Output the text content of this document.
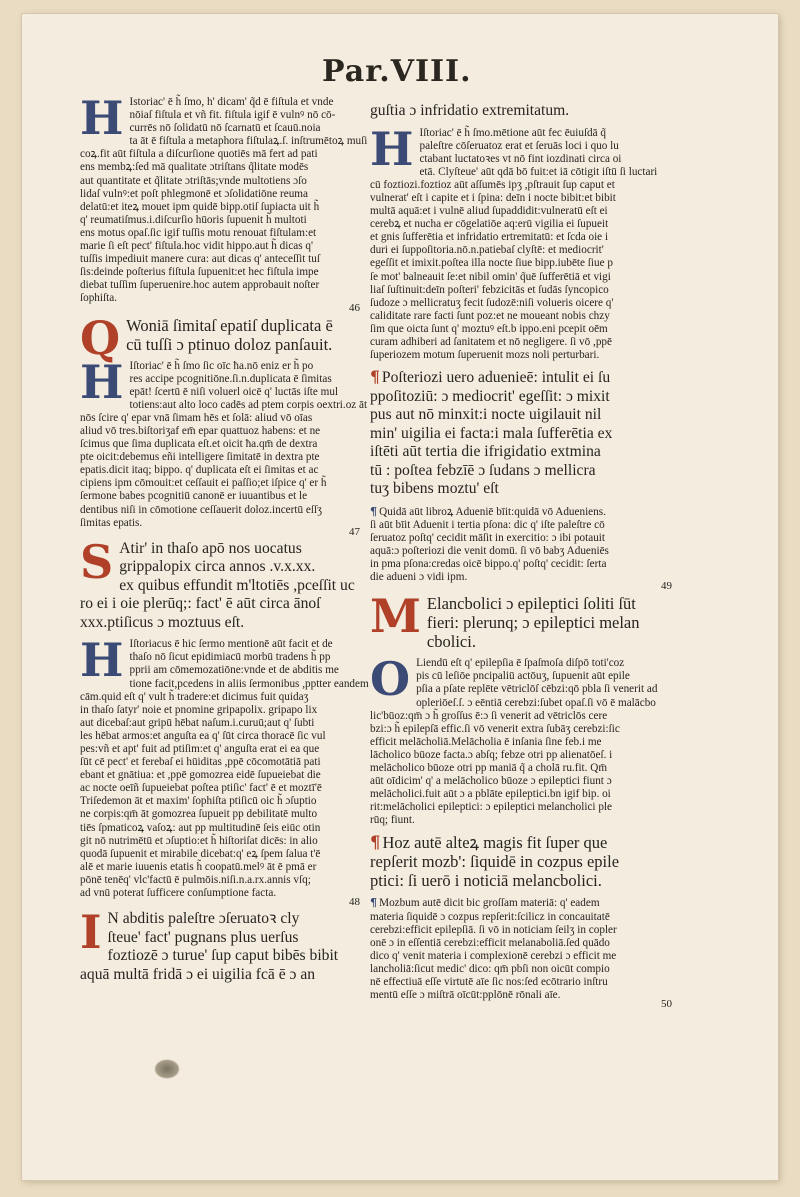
Par.VIII.
H Istoriac' ē h̃ ſmo, h' dicam' q̃d ē fiſtula et vnde
nōiaſ fiſtula et vñ fit. fiſtula igif ē vulnꝰ nō cō-
currēs nō ſolidatū nō ſcarnatū et ſcauū.noia
ta āt ē fiſtula a metaphora fiſtulaꝝ.ſ. inſtrumētoꝝ muſi
coꝝ.fit aūt fiſtula a diſcurſione quotiēs mā fert ad pati
ens membꝝ:ſed mā qualitate ɔtriſtans q̃litate modēs
aut quantitate et q̃litate ɔtriſtās;vnde multotiens ɔſo
lidaſ vulnꝰ:et poſt phlegmonē et ɔſolidatiōne reuma
delatū:et iteꝝ mouet ipm quidē bipp.otiſ ſupiacta uit h̃
q' reumatiſmus.i.diſcurſio hūoris ſupuenit h̃ multoti
ens motus opaſ.ſic igif tuſſis motu renouat fiſtulam:et
marie ſi eſt pect' fiſtula.hoc vidit hippo.aut h̃ dicas q'
tuſſis impediuit manere cura: aut dicas q' anteceſſit tuſ
ſis:deinde poſterius fiſtula ſupuenit:et hec fiſtula impe
diebat tuſſim ſuperuenire.hoc autem approbauit noſter
ſophiſta.
46
Q Woniā ſimitaſ epatiſ duplicata ē
cū tuſſi ɔ ptinuo doloz panſauit.
H Iſtoriac' ē h̃ ſmo ſic oīc ħa.nō eniz er h̃ po
res accipe pcognitiōne.ſi.n.duplicata ē ſimitas
epāt! ſcertū ē niſi voluerl oicē q' luctās iſte mul
totiens:aut alto loco cadēs ad ptem corpis oextri.oz āt
nōs ſcire q' epar vnā ſimam hēs et ſolā: aliud vō oīas
aliud vō tres.biſtoriʒaf em̄ epar quattuoz habens: et ne
ſcimus que ſima duplicata eſt.et oicit ħa.qm̄ de dextra
pte oicit:debemus eñi intelligere ſimitatē in dextra pte
epatis.dicit itaq; bippo. q' duplicata eſt ei ſimitas et ac
cipiens ipm cōmouit:et ceſſauit ei paſſio;et iſpice q' er h̃
ſermone babes pcognitiū canonē er iuuantibus et le
dentibus niſi in cōmotione ceſſauerit doloz.incertū eſſʒ
ſimitas epatis.
47
S Atir' in thaſo apō nos uocatus
grippalopix circa annos .v.x.xx.
ex quibus effundit m'ltotiēs ,pceſſit uc
ro ei i oie plerūq;: fact' ē aūt circa ānoſ
xxx.ptiſicus ɔ moztuus eſt.
H Iſtoriacus ē hic ſermo mentionē aūt facit et de
thaſo nō ſicut epidimiacū morbū tradens h̃ pp
pprii am cōmemozatiōne:vnde et de abditis me
tione facit,pcedens in aliis ſermonibus ,pptter eandem
cām.quid eſt q' vult h̃ tradere:et dicimus fuit quidaʒ
in thaſo ſatyr' noie et pnomine gripapolix. gripapo lix
aut dicebaſ:aut gripū hēbat naſum.i.curuū;aut q' ſubti
les hēbat armos:et anguſta ea q' ſūt circa thoracē ſic vul
pes:vñ et apt' fuit ad ptiſim:et q' anguſta erat ei ea que
ſūt cē pect' et ferebaſ ei hūiditas ,ppē cōcomotātiā pati
ebant et gnātiua: et ,ppē gomozrea eidē ſupueiebat die
ac nocte oeīñ ſupueiebat poſtea ptiſic' fact' ē et moztī'ē
Triſedemon āt et maxim' ſophiſta ptiſicū oic h̃ ɔſuptio
ne corpis:qm̄ āt gomozrea ſupueit pp debilitatē multo
tiēs ſpmaticoꝝ vaſoꝝ: aut pp multitudinē ſeis eiūc otin
git nō nutrimētū et ɔſuptio:et h̃ hiſtoriſat dicēs: in alio
quodā ſupuenit et mirabile dicebat:q' eꝝ ſpem ſalua t'ē
alē et marie iuuenis etatis h̃ coopatū.melꝰ āt ē pmā er
pōnē tenēq' vlc'factū ē pulmōis.niſi.n.a.rx.annis vſq;
ad vnū poterat ſufficere conſumptione facta.
48
I N abditis paleſtre ɔſeruatoꝛ cly
ſteue' fact' pugnans plus uerſus
foztiozē ɔ turue' ſup caput bibēs bibit
aquā multā fridā ɔ ei uigilia fcā ē ɔ an
guſtia ɔ infridatio extremitatum.
H Iſtoriac' ē h̃ ſmo.mētione aūt fec ēuiuſdā q̃
paleſtre cōſeruatoz erat et ſeruās loci i quo lu
ctabant luctatoꝛes vt nō fint iozdinati circa oi
etā. Clyſteue' aūt qdā bō fuit:et iā cōtigit iſtū ſi luctari
cū foztiozi.foztioz aūt aſſumēs ipʒ ,pſtrauit ſup caput et
vulnerat' eſt i capite et i ſpina: deīn i nocte bibit:et bibit
multā aquā:et i vulnē aliud ſupaddidit:vulneratū eſt ei
cerebꝝ et nucha er cōgelatiōe aq:erū vigilia ei ſupueit
et gnis ſufferētia et infridatio ertremitatū: et ſcda oie i
duri ei ſuppoſitoria.nō.n.patiebaſ clyſtē: et mediocrit'
egeſſit et imixit.poſtea illa nocte ſiue bipp.iubēte ſiue p
ſe mot' balneauit ſe:et nibil omin' q̃uē ſufferētiā et vigi
liaſ ſuſtinuit:deīn poſteri' febzicitās et ſudās ſyncopico
ſudoze ɔ mellicratuʒ fecit ſudozē:niſi volueris oicere q'
caliditate rare facti ſunt poz:et ne moueant nobis chzy
ſim que oicta ſunt q' moztuꝰ eſt.b ippo.eni pcepit oēm
curam adhiberi ad ſanitatem et nō negligere. ſi vō ,ppē
ſuperiozem motum ſuperuenit mozs noli perturbari.
¶ Poſteriozi uero aduenieē: intulit ei ſu
ppoſitoziū: ɔ mediocrit' egeſſit: ɔ mixit
pus aut nō minxit:i nocte uigilauit nil
min' uigilia ei facta:i mala ſufferētia ex
iſtēti aūt tertia die ifrigidatio extmina
tū : poſtea febzīē ɔ ſudans ɔ mellicra
tuʒ bibens moztu' eſt
¶ Quidā aūt libroꝝ Adueniē bīit:quidā vō Adueniens.
ſi aūt bīit Aduenit i tertia pſona: dic q' iſte paleſtre cō
ſeruatoz poſtq' cecidit māſit in exercitio: ɔ ibi potauit
aquā:ɔ poſteriozi die venit domū. ſi vō babʒ Adueniēs
in pma pſona:credas oicē bippo.q' poſtq' cecidit: ſerta
die adueni ɔ vidi ipm.
49
M Elancbolici ɔ epileptici ſoliti ſūt
fieri: plerunq; ɔ epileptici melan
cbolici.
O Liendū eſt q' epilepſia ē ſpaſmoſa diſpō toti'coz
pis cū leſiōe pncipaliū actōuʒ, ſupuenit aūt epile
pſia a pſate replēte vētriclōſ cēbzi:qō pbla ſi venerit ad
opleriōeſ.ſ. ɔ eēntiā cerebzi:ſubet opaſ.ſi vō ē malācbo
lic'būoz:qm̄ ɔ h̃ groſſus ē:ɔ ſi venerit ad vētriclōs cere
bzi:ɔ h̃ epilepſā effic.ſi vō venerit extra ſubāʒ cerebzi:ſic
efficit melācholiā.Melācholia ē inſania ſine feb.i me
lācholico būoze facta.ɔ abſq; febze otri pp alienatōeſ. i
melācholico būoze otri pp maniā q̃ a cholā ru.fit. Qm̄
aūt oīdicim' q' a melācholico būoze ɔ epileptici fiunt ɔ
melācholici.fuit aūt ɔ a pblāte epileptici.bn igif bip. oi
rit:melācholici epileptici: ɔ epileptici melancholici ple
rūq; fiunt.
¶ Hoz autē alteꝝ magis fit ſuper que
repſerit mozb': ſiquidē in cozpus epile
ptici: ſi uerō i noticiā melancbolici.
¶ Mozbum autē dicit bic groſſam materiā: q' eadem
materia ſiquidē ɔ cozpus repſerit:ſcilicz in concauitatē
cerebzi:efficit epilepſiā. ſi vō in noticiam ſeilʒ in copler
onē ɔ in eſſentiā cerebzi:efficit melanaboliā.ſed quādo
dico q' venit materia i complexionē cerebzi ɔ efficit me
lancholiā:ſicut medic' dico: qm̄ pbſi non oicūt compio
nē effectiuā eſſe virtutē aīe ſic nos:ſed ecōtrario inſtru
mentū eſſe ɔ miſtrā oīcūt:pplōnē rōnali aīe.
50
